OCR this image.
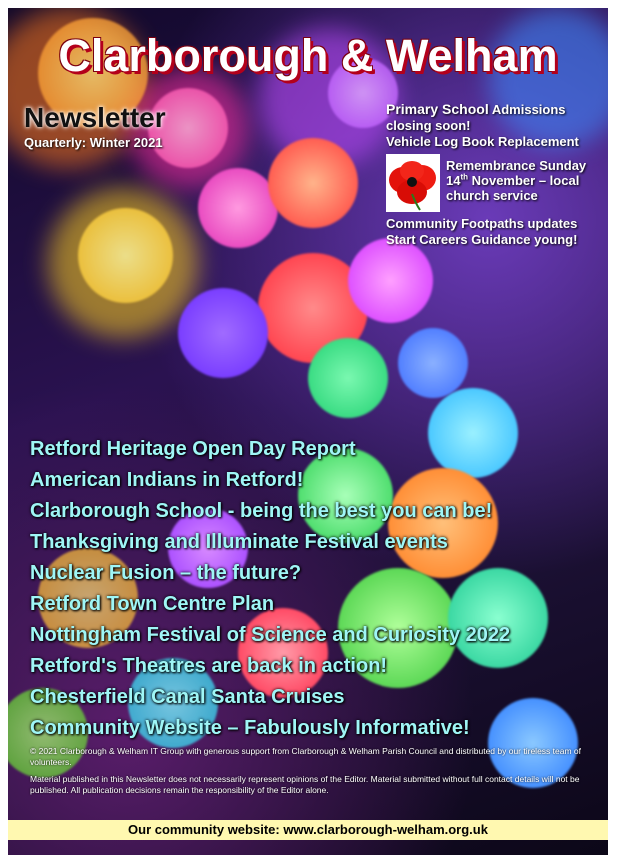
Clarborough & Welham
Newsletter
Quarterly: Winter 2021
Primary School Admissions
closing soon!
Vehicle Log Book Replacement
Remembrance Sunday
14th November – local
church service
Community Footpaths updates
Start Careers Guidance young!
Retford Heritage Open Day Report
American Indians in Retford!
Clarborough School - being the best you can be!
Thanksgiving and Illuminate Festival events
Nuclear Fusion – the future?
Retford Town Centre Plan
Nottingham Festival of Science and Curiosity 2022
Retford's Theatres are back in action!
Chesterfield Canal Santa Cruises
Community Website – Fabulously Informative!

© 2021 Clarborough & Welham IT Group with generous support from Clarborough & Welham Parish Council and distributed by our tireless team of volunteers.

Material published in this Newsletter does not necessarily represent opinions of the Editor. Material submitted without full contact details will not be published. All publication decisions remain the responsibility of the Editor alone.

Our community website: www.clarborough-welham.org.uk
